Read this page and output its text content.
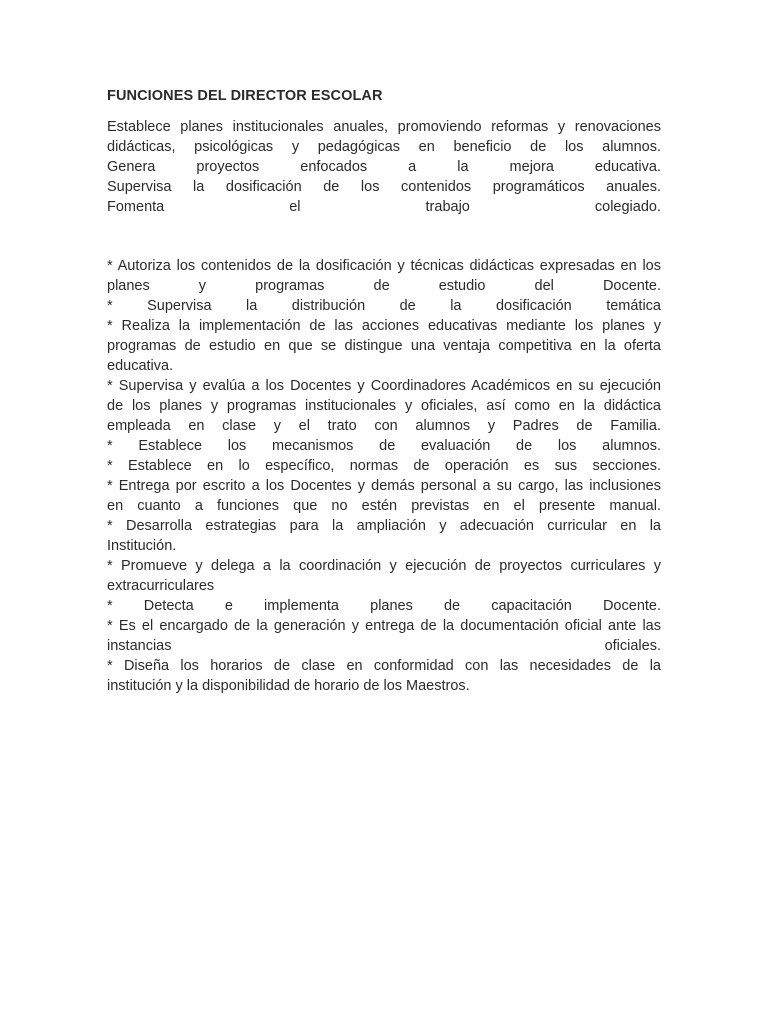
FUNCIONES DEL DIRECTOR ESCOLAR
Establece planes institucionales anuales, promoviendo reformas y renovaciones
didácticas, psicológicas y pedagógicas en beneficio de los alumnos.
Genera proyectos enfocados a la mejora educativa.
Supervisa la dosificación de los contenidos programáticos anuales.
Fomenta el trabajo colegiado.
* Autoriza los contenidos de la dosificación y técnicas didácticas expresadas en los
planes y programas de estudio del Docente.
* Supervisa la distribución de la dosificación temática
* Realiza la implementación de las acciones educativas mediante los planes y
programas de estudio en que se distingue una ventaja competitiva en la oferta
educativa.
* Supervisa y evalúa a los Docentes y Coordinadores Académicos en su ejecución
de los planes y programas institucionales y oficiales, así como en la didáctica
empleada en clase y el trato con alumnos y Padres de Familia.
* Establece los mecanismos de evaluación de los alumnos.
* Establece en lo específico, normas de operación es sus secciones.
* Entrega por escrito a los Docentes y demás personal a su cargo, las inclusiones
en cuanto a funciones que no estén previstas en el presente manual.
* Desarrolla estrategias para la ampliación y adecuación curricular en la
Institución.
* Promueve y delega a la coordinación y ejecución de proyectos curriculares y
extracurriculares
* Detecta e implementa planes de capacitación Docente.
* Es el encargado de la generación y entrega de la documentación oficial ante las
instancias oficiales.
* Diseña los horarios de clase en conformidad con las necesidades de la
institución y la disponibilidad de horario de los Maestros.
